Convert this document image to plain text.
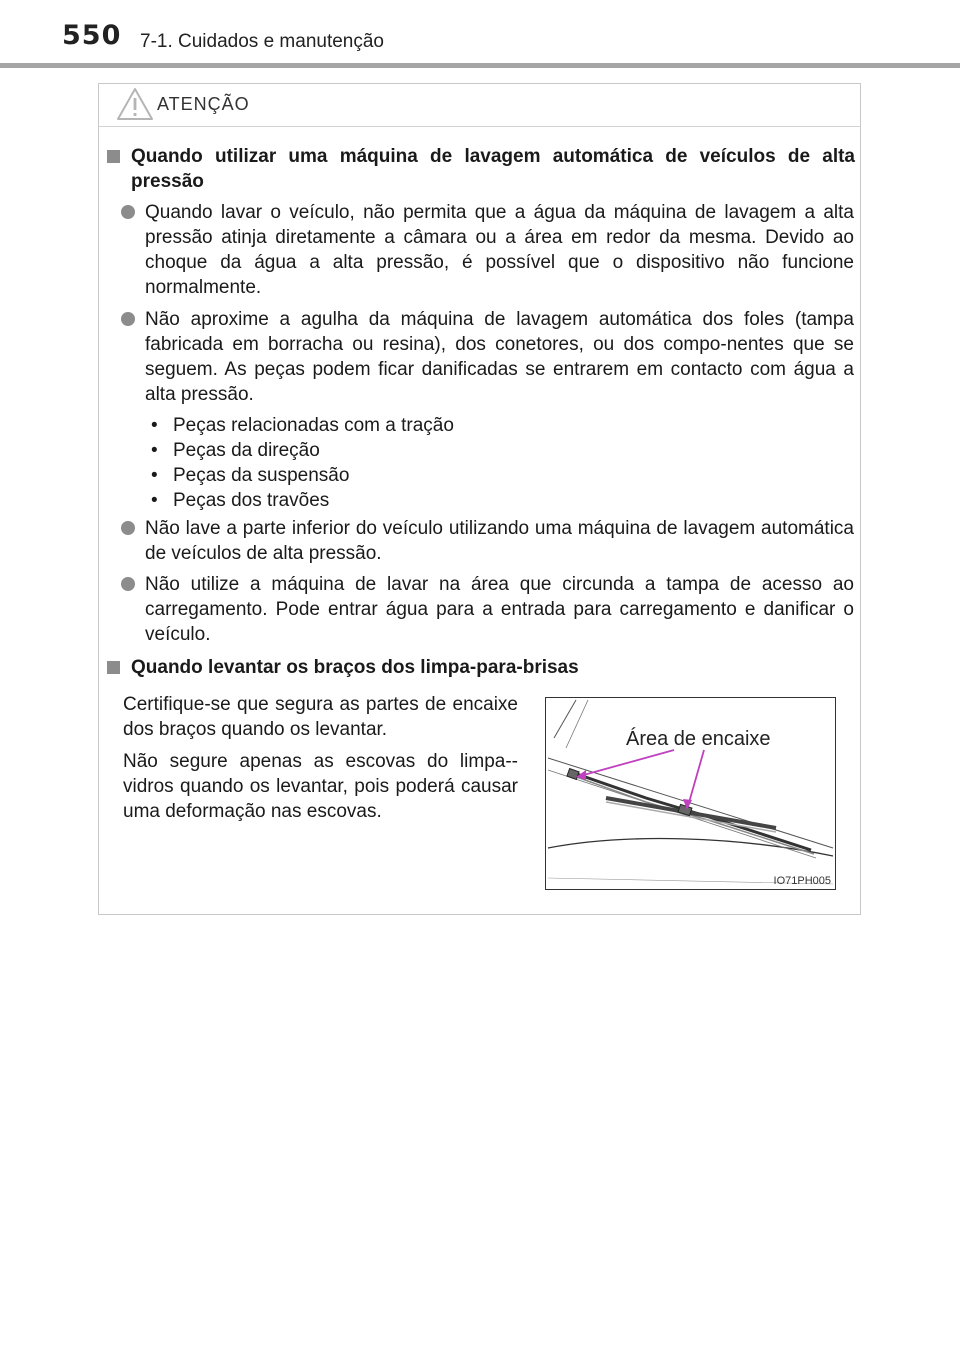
550 7-1. Cuidados e manutenção
ATENÇÃO
Quando utilizar uma máquina de lavagem automática de veículos de alta pressão
Quando lavar o veículo, não permita que a água da máquina de lavagem a alta pressão atinja diretamente a câmara ou a área em redor da mesma. Devido ao choque da água a alta pressão, é possível que o dispositivo não funcione normalmente.
Não aproxime a agulha da máquina de lavagem automática dos foles (tampa fabricada em borracha ou resina), dos conetores, ou dos compo-nentes que se seguem. As peças podem ficar danificadas se entrarem em contacto com água a alta pressão.
• Peças relacionadas com a tração
• Peças da direção
• Peças da suspensão
• Peças dos travões
Não lave a parte inferior do veículo utilizando uma máquina de lavagem automática de veículos de alta pressão.
Não utilize a máquina de lavar na área que circunda a tampa de acesso ao carregamento. Pode entrar água para a entrada para carregamento e danificar o veículo.
Quando levantar os braços dos limpa-para-brisas
Certifique-se que segura as partes de encaixe dos braços quando os levantar.
Não segure apenas as escovas do limpa--vidros quando os levantar, pois poderá causar uma deformação nas escovas.
Área de encaixe
IO71PH005
